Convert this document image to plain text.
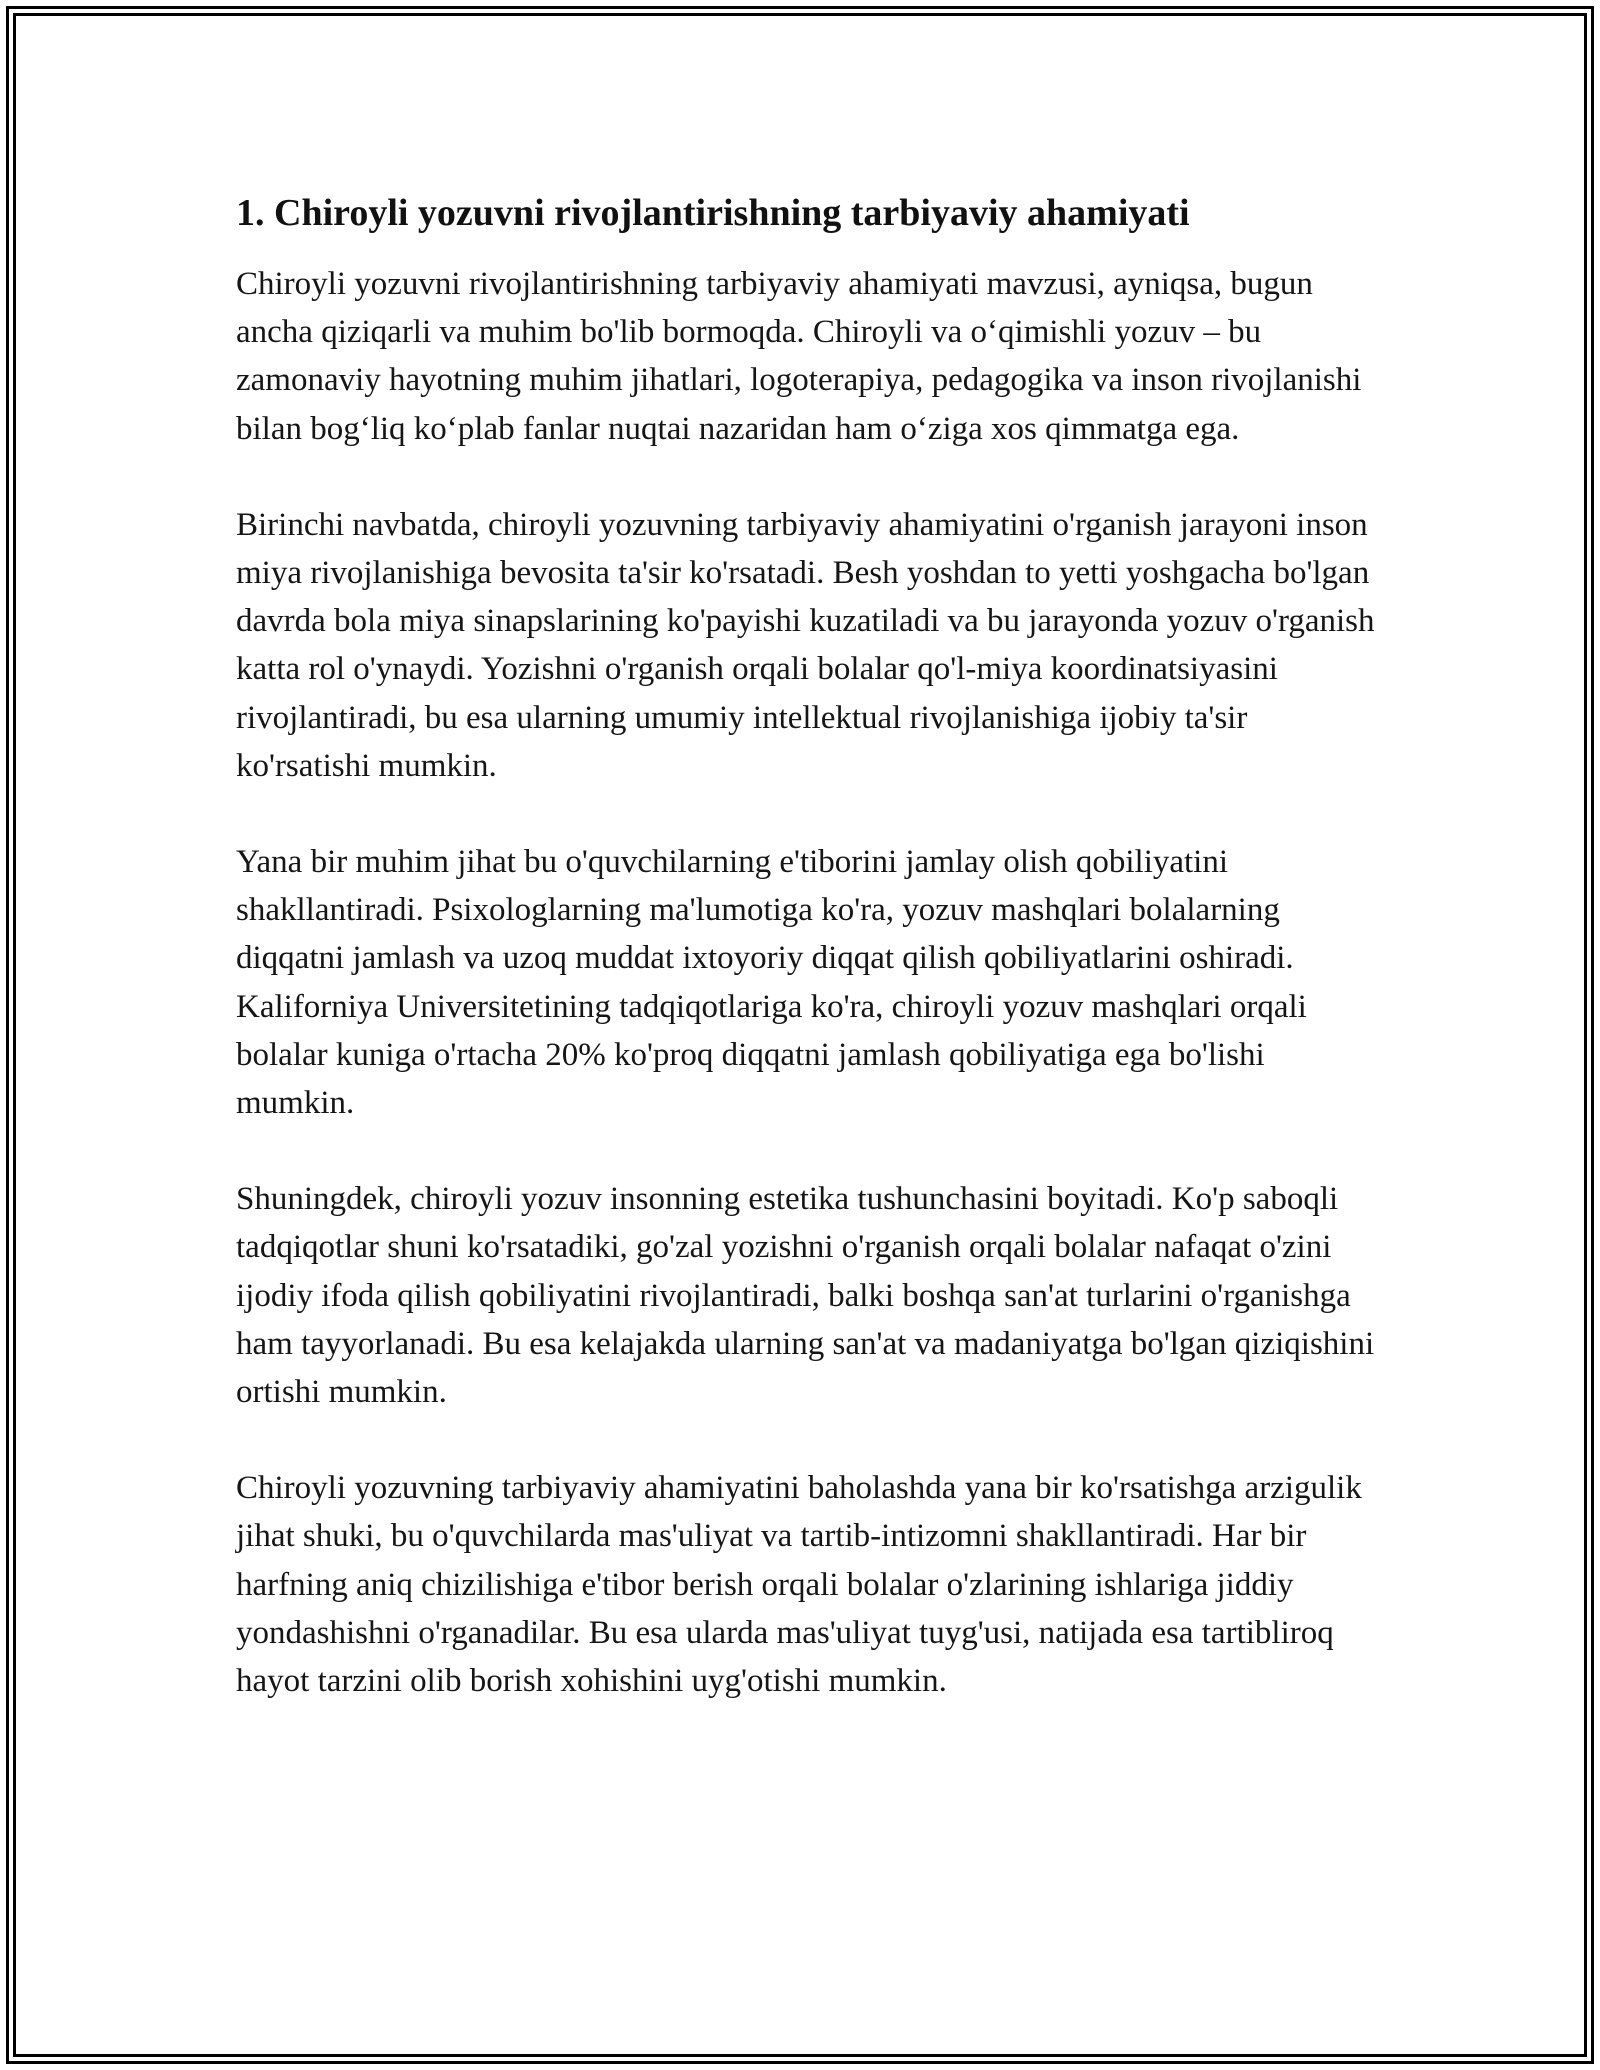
1. Chiroyli yozuvni rivojlantirishning tarbiyaviy ahamiyati

Chiroyli yozuvni rivojlantirishning tarbiyaviy ahamiyati mavzusi, ayniqsa, bugun ancha qiziqarli va muhim bo'lib bormoqda. Chiroyli va o‘qimishli yozuv – bu zamonaviy hayotning muhim jihatlari, logoterapiya, pedagogika va inson rivojlanishi bilan bog‘liq ko‘plab fanlar nuqtai nazaridan ham o‘ziga xos qimmatga ega.

Birinchi navbatda, chiroyli yozuvning tarbiyaviy ahamiyatini o'rganish jarayoni inson miya rivojlanishiga bevosita ta'sir ko'rsatadi. Besh yoshdan to yetti yoshgacha bo'lgan davrda bola miya sinapslarining ko'payishi kuzatiladi va bu jarayonda yozuv o'rganish katta rol o'ynaydi. Yozishni o'rganish orqali bolalar qo'l-miya koordinatsiyasini rivojlantiradi, bu esa ularning umumiy intellektual rivojlanishiga ijobiy ta'sir ko'rsatishi mumkin.

Yana bir muhim jihat bu o'quvchilarning e'tiborini jamlay olish qobiliyatini shakllantiradi. Psixologlarning ma'lumotiga ko'ra, yozuv mashqlari bolalarning diqqatni jamlash va uzoq muddat ixtoyoriy diqqat qilish qobiliyatlarini oshiradi. Kaliforniya Universitetining tadqiqotlariga ko'ra, chiroyli yozuv mashqlari orqali bolalar kuniga o'rtacha 20% ko'proq diqqatni jamlash qobiliyatiga ega bo'lishi mumkin.

Shuningdek, chiroyli yozuv insonning estetika tushunchasini boyitadi. Ko'p saboqli tadqiqotlar shuni ko'rsatadiki, go'zal yozishni o'rganish orqali bolalar nafaqat o'zini ijodiy ifoda qilish qobiliyatini rivojlantiradi, balki boshqa san'at turlarini o'rganishga ham tayyorlanadi. Bu esa kelajakda ularning san'at va madaniyatga bo'lgan qiziqishini ortishi mumkin.

Chiroyli yozuvning tarbiyaviy ahamiyatini baholashda yana bir ko'rsatishga arzigulik jihat shuki, bu o'quvchilarda mas'uliyat va tartib-intizomni shakllantiradi. Har bir harfning aniq chizilishiga e'tibor berish orqali bolalar o'zlarining ishlariga jiddiy yondashishni o'rganadilar. Bu esa ularda mas'uliyat tuyg'usi, natijada esa tartibliroq hayot tarzini olib borish xohishini uyg'otishi mumkin.
